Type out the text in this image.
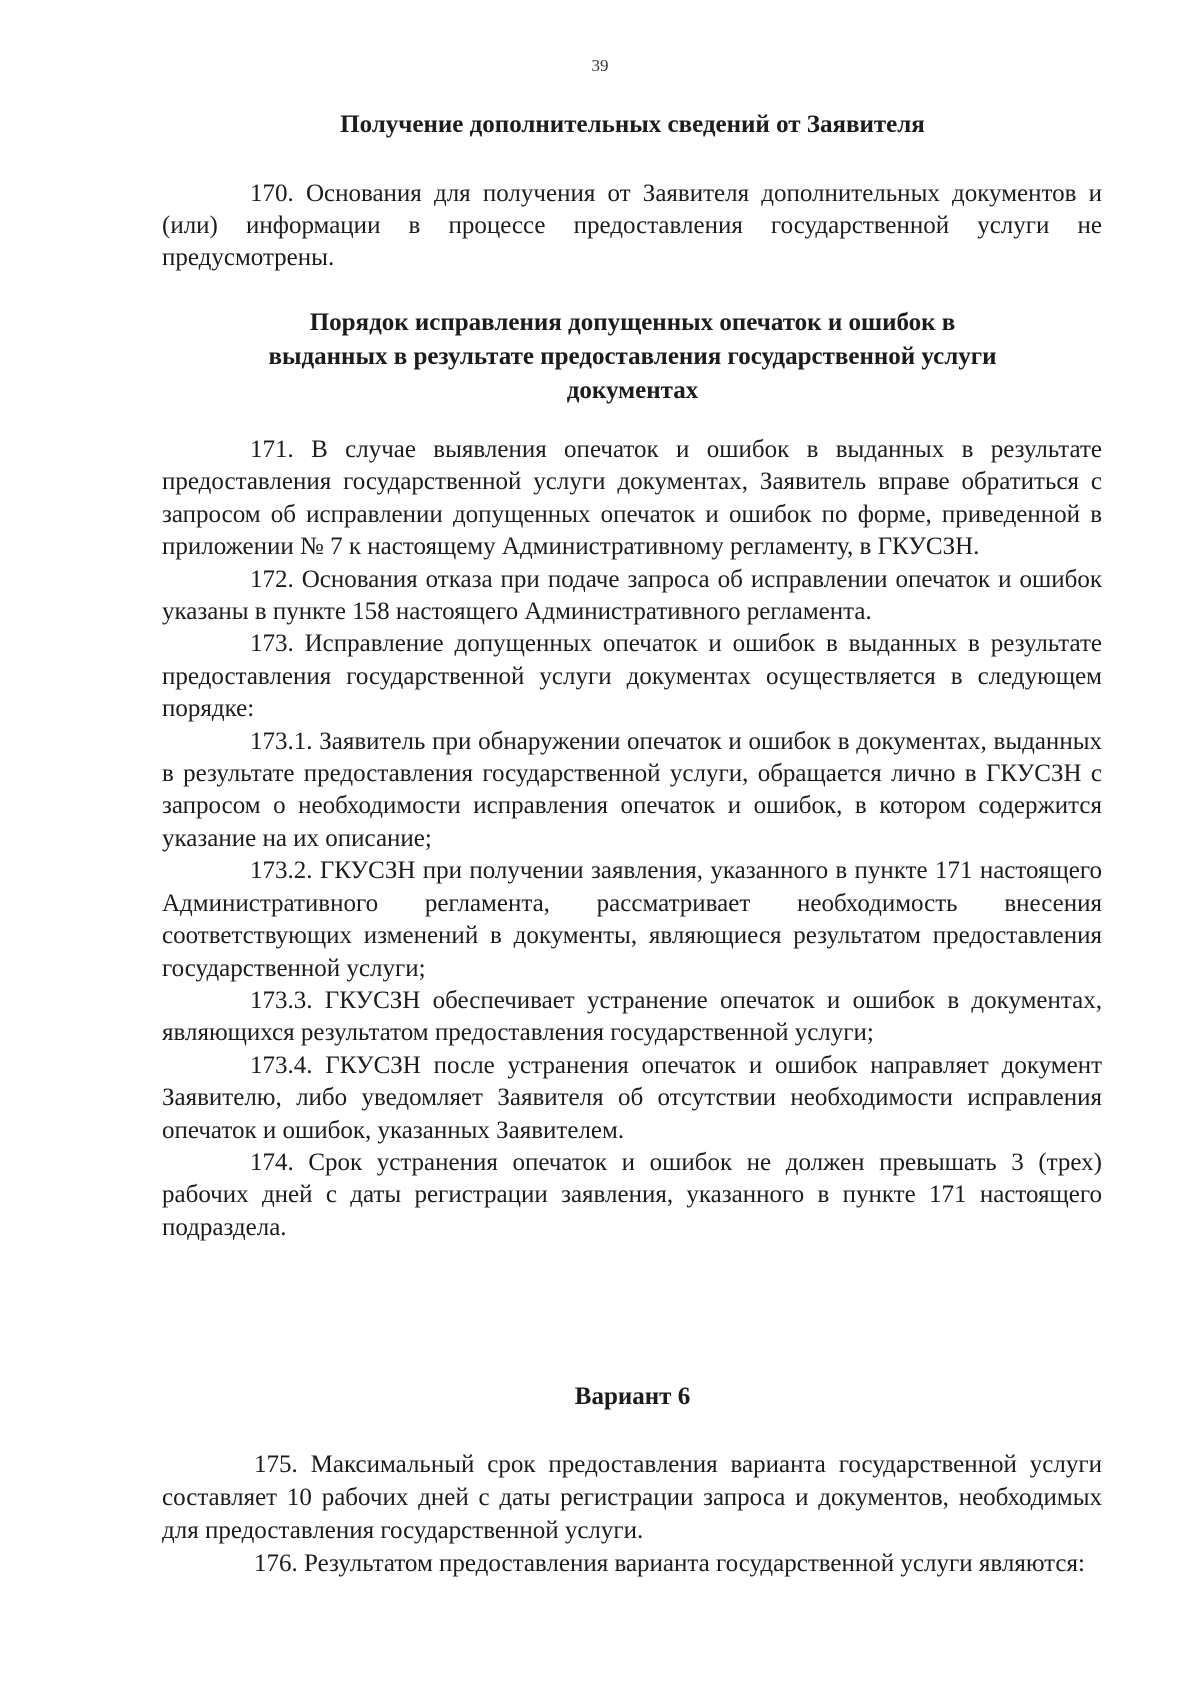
39
Получение дополнительных сведений от Заявителя

170. Основания для получения от Заявителя дополнительных документов и (или) информации в процессе предоставления государственной услуги не предусмотрены.

Порядок исправления допущенных опечаток и ошибок в
выданных в результате предоставления государственной услуги
документах

171. В случае выявления опечаток и ошибок в выданных в результате предоставления государственной услуги документах, Заявитель вправе обратиться с запросом об исправлении допущенных опечаток и ошибок по форме, приведенной в приложении № 7 к настоящему Административному регламенту, в ГКУСЗН.

172. Основания отказа при подаче запроса об исправлении опечаток и ошибок указаны в пункте 158 настоящего Административного регламента.

173. Исправление допущенных опечаток и ошибок в выданных в результате предоставления государственной услуги документах осуществляется в следующем порядке:

173.1. Заявитель при обнаружении опечаток и ошибок в документах, выданных в результате предоставления государственной услуги, обращается лично в ГКУСЗН с запросом о необходимости исправления опечаток и ошибок, в котором содержится указание на их описание;

173.2. ГКУСЗН при получении заявления, указанного в пункте 171 настоящего Административного регламента, рассматривает необходимость внесения соответствующих изменений в документы, являющиеся результатом предоставления государственной услуги;

173.3. ГКУСЗН обеспечивает устранение опечаток и ошибок в документах, являющихся результатом предоставления государственной услуги;

173.4. ГКУСЗН после устранения опечаток и ошибок направляет документ Заявителю, либо уведомляет Заявителя об отсутствии необходимости исправления опечаток и ошибок, указанных Заявителем.

174. Срок устранения опечаток и ошибок не должен превышать 3 (трех) рабочих дней с даты регистрации заявления, указанного в пункте 171 настоящего подраздела.

Вариант 6

175. Максимальный срок предоставления варианта государственной услуги составляет 10 рабочих дней с даты регистрации запроса и документов, необходимых для предоставления государственной услуги.

176. Результатом предоставления варианта государственной услуги являются:
